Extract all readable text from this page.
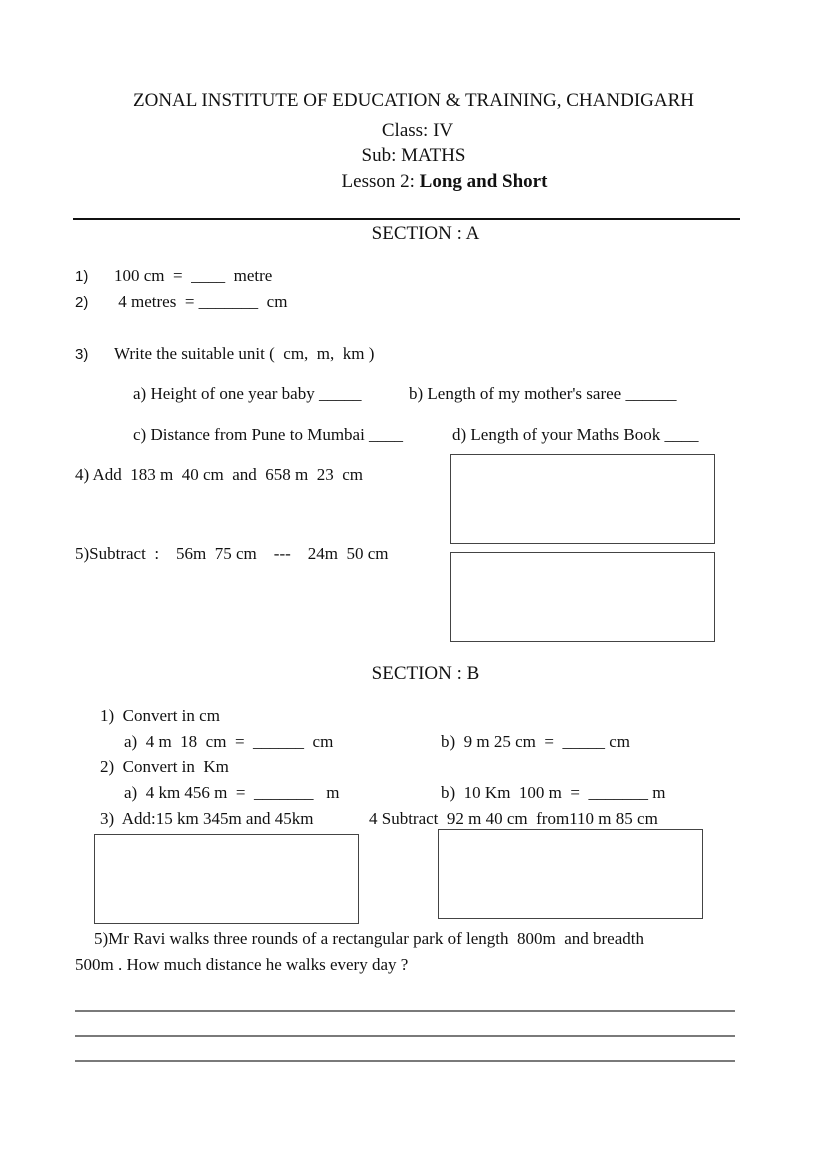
ZONAL INSTITUTE OF EDUCATION & TRAINING, CHANDIGARH
Class: IV
Sub: MATHS
Lesson 2: Long and Short
SECTION : A
1) 100 cm  =  ____  metre
2) 4 metres  = _______  cm
3) Write the suitable unit (  cm,  m,  km )
a) Height of one year baby _____	b) Length of my mother's saree ______
c) Distance from Pune to Mumbai ____	d) Length of your Maths Book ____
4) Add  183 m  40 cm  and  658 m  23  cm
5)Subtract  :    56m  75 cm    ---    24m  50 cm
SECTION : B
1)  Convert in cm
a)  4 m  18  cm  =  ______  cm	b)  9 m 25 cm  =  _____ cm
2)  Convert in  Km
a)  4 km 456 m  =  _______   m	b)  10 Km  100 m  =  _______ m
3)  Add:15 km 345m and 45km	4 Subtract  92 m 40 cm  from110 m 85 cm
5)Mr Ravi walks three rounds of a rectangular park of length  800m  and breadth
500m . How much distance he walks every day ?
